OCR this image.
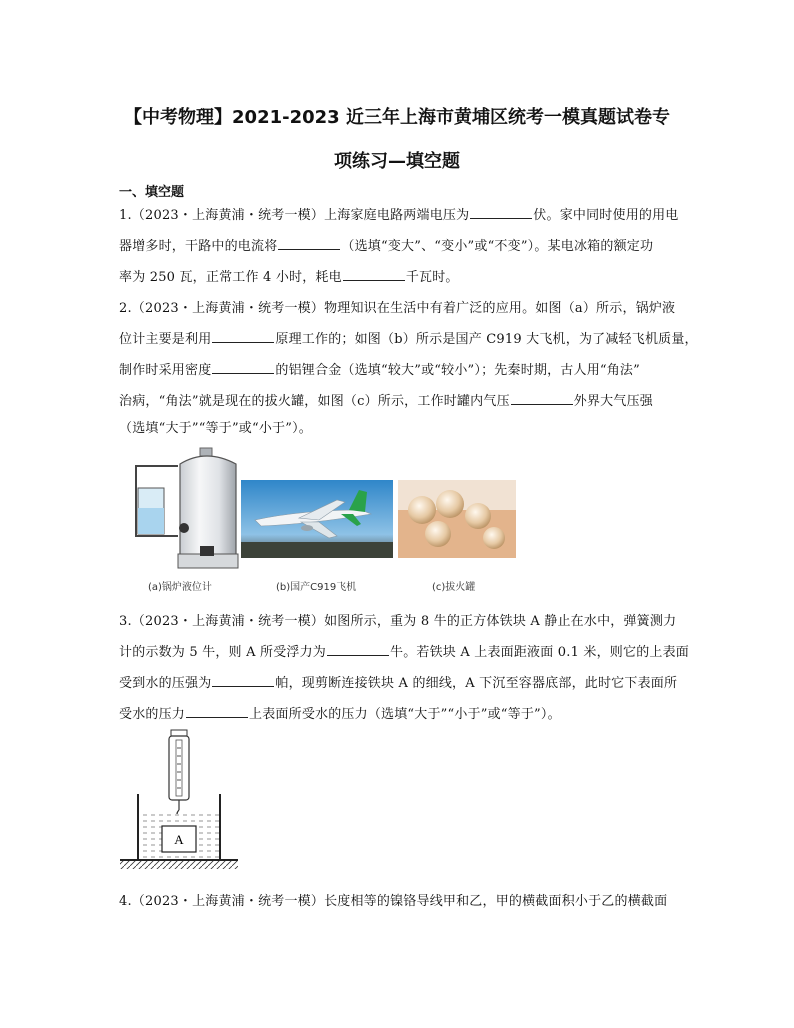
【中考物理】2021-2023 近三年上海市黄埔区统考一模真题试卷专
项练习—填空题
一、填空题
1.（2023・上海黄浦・统考一模）上海家庭电路两端电压为	伏。家中同时使用的用电
器增多时，干路中的电流将	（选填“变大”、“变小”或“不变”）。某电冰箱的额定功
率为 250 瓦，正常工作 4 小时，耗电	千瓦时。
2.（2023・上海黄浦・统考一模）物理知识在生活中有着广泛的应用。如图（a）所示，锅炉液
位计主要是利用	原理工作的；如图（b）所示是国产 C919 大飞机，为了减轻飞机质量，
制作时采用密度	的铝锂合金（选填“较大”或“较小”）；先秦时期，古人用“角法”
治病，“角法”就是现在的拔火罐，如图（c）所示，工作时罐内气压	外界大气压强
（选填“大于”“等于”或“小于”）。
(a)锅炉液位计	(b)国产C919飞机	(c)拔火罐
3.（2023・上海黄浦・统考一模）如图所示，重为 8 牛的正方体铁块 A 静止在水中，弹簧测力
计的示数为 5 牛，则 A 所受浮力为	牛。若铁块 A 上表面距液面 0.1 米，则它的上表面
受到水的压强为	帕，现剪断连接铁块 A 的细线，A 下沉至容器底部，此时它下表面所
受水的压力	上表面所受水的压力（选填“大于”“小于”或“等于”）。
A
4.（2023・上海黄浦・统考一模）长度相等的镍铬导线甲和乙，甲的横截面积小于乙的横截面
